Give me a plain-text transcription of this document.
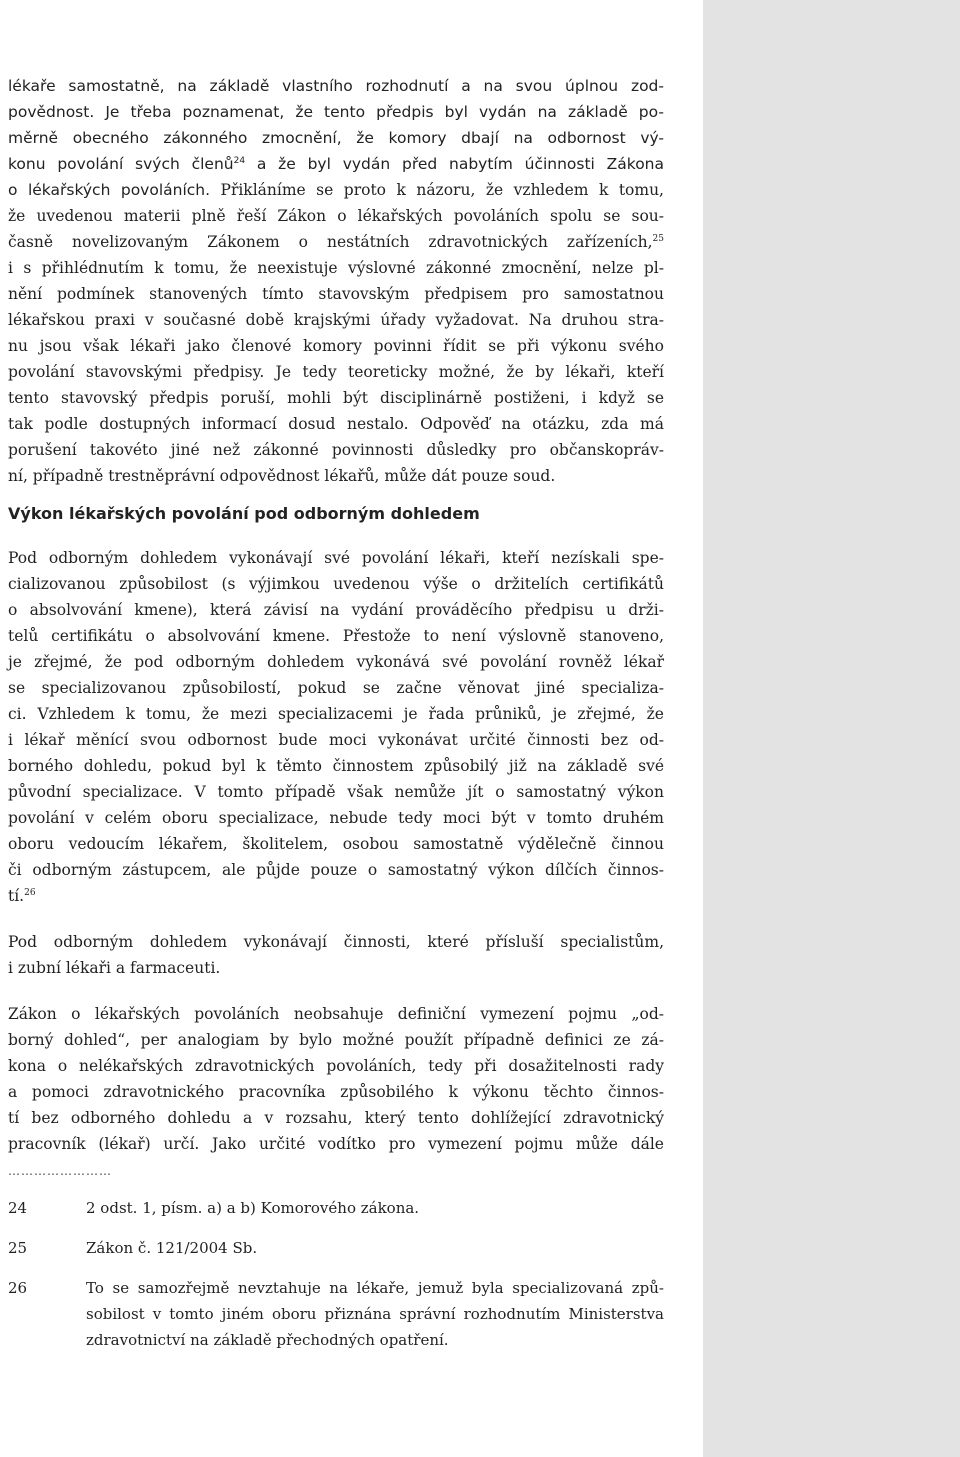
lékaře samostatně, na základě vlastního rozhodnutí a na svou úplnou zod-
povědnost. Je třeba poznamenat, že tento předpis byl vydán na základě po-
měrně obecného zákonného zmocnění, že komory dbají na odbornost vý-
konu povolání svých členů$^{24}$ a že byl vydán před nabytím účinnosti Zákona
o lékařských povoláních. Přikláníme se proto k názoru, že vzhledem k tomu,
že uvedenou materii plně řeší Zákon o lékařských povoláních spolu se sou-
časně novelizovaným Zákonem o nestátních zdravotnických zařízeních,$^{25}$
i s přihlédnutím k tomu, že neexistuje výslovné zákonné zmocnění, nelze pl-
nění podmínek stanovených tímto stavovským předpisem pro samostatnou
lékařskou praxi v současné době krajskými úřady vyžadovat. Na druhou stra-
nu jsou však lékaři jako členové komory povinni řídit se při výkonu svého
povolání stavovskými předpisy. Je tedy teoreticky možné, že by lékaři, kteří
tento stavovský předpis poruší, mohli být disciplinárně postiženi, i když se
tak podle dostupných informací dosud nestalo. Odpověď na otázku, zda má
porušení takovéto jiné než zákonné povinnosti důsledky pro občanskopráv-
ní, případně trestněprávní odpovědnost lékařů, může dát pouze soud.
Výkon lékařských povolání pod odborným dohledem
Pod odborným dohledem vykonávají své povolání lékaři, kteří nezískali spe-
cializovanou způsobilost (s výjimkou uvedenou výše o držitelích certifikátů
o absolvování kmene), která závisí na vydání prováděcího předpisu u drži-
telů certifikátu o absolvování kmene. Přestože to není výslovně stanoveno,
je zřejmé, že pod odborným dohledem vykonává své povolání rovněž lékař
se specializovanou způsobilostí, pokud se začne věnovat jiné specializa-
ci. Vzhledem k tomu, že mezi specializacemi je řada průniků, je zřejmé, že
i lékař měnící svou odbornost bude moci vykonávat určité činnosti bez od-
borného dohledu, pokud byl k těmto činnostem způsobilý již na základě své
původní specializace. V tomto případě však nemůže jít o samostatný výkon
povolání v celém oboru specializace, nebude tedy moci být v tomto druhém
oboru vedoucím lékařem, školitelem, osobou samostatně výdělečně činnou
či odborným zástupcem, ale půjde pouze o samostatný výkon dílčích činnos-
tí.$^{26}$
Pod odborným dohledem vykonávají činnosti, které přísluší specialistům,
i zubní lékaři a farmaceuti.
Zákon o lékařských povoláních neobsahuje definiční vymezení pojmu „od-
borný dohled“, per analogiam by bylo možné použít případně definici ze zá-
kona o nelékařských zdravotnických povoláních, tedy při dosažitelnosti rady
a pomoci zdravotnického pracovníka způsobilého k výkonu těchto činnos-
tí bez odborného dohledu a v rozsahu, který tento dohlížející zdravotnický
pracovník (lékař) určí. Jako určité vodítko pro vymezení pojmu může dále
……………………
24	2 odst. 1, písm. a) a b) Komorového zákona.
25	Zákon č. 121/2004 Sb.
26	To se samozřejmě nevztahuje na lékaře, jemuž byla specializovaná způ-
sobilost v tomto jiném oboru přiznána správní rozhodnutím Ministerstva
zdravotnictví na základě přechodných opatření.
